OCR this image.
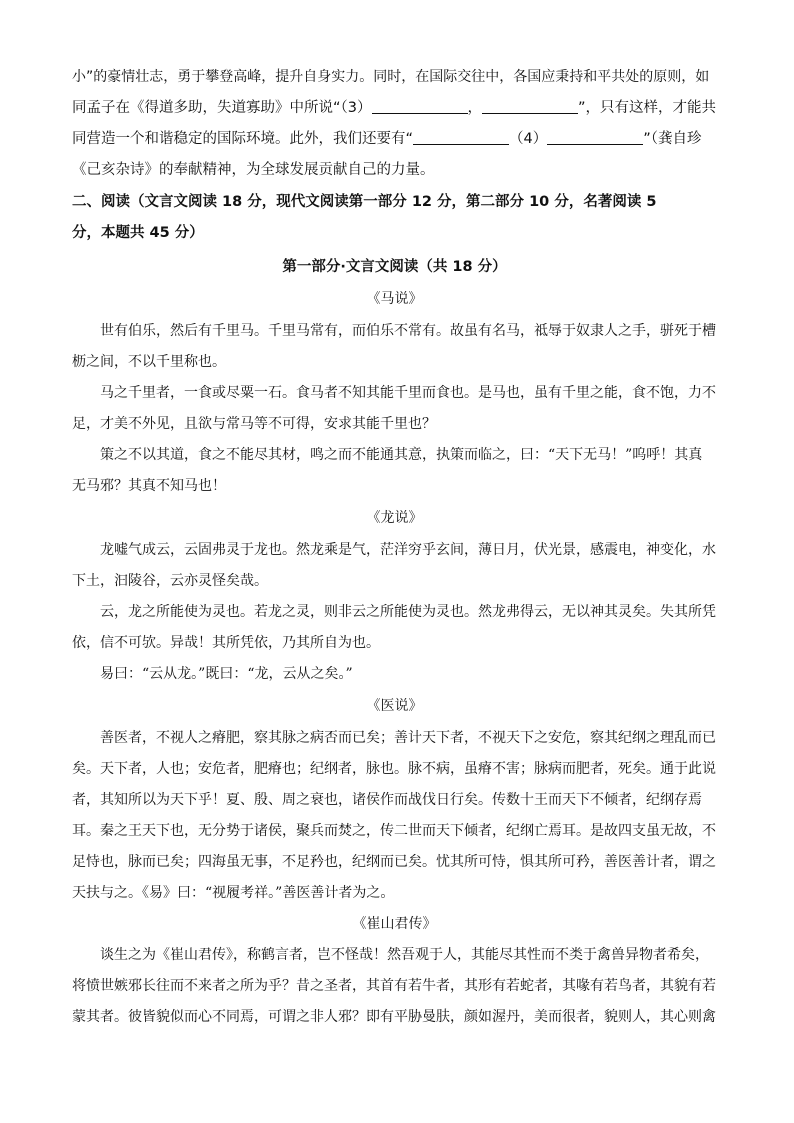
小”的豪情壮志，勇于攀登高峰，提升自身实力。同时，在国际交往中，各国应秉持和平共处的原则，如

同孟子在《得道多助，失道寡助》中所说“（3）	，	”，只有这样，才能共

同营造一个和谐稳定的国际环境。此外，我们还要有“	（4）	”（龚自珍

《己亥杂诗》的奉献精神，为全球发展贡献自己的力量。

二、阅读（文言文阅读 18 分，现代文阅读第一部分 12 分，第二部分 10 分，名著阅读 5

分，本题共 45 分）

第一部分·文言文阅读（共 18 分）

《马说》

世有伯乐，然后有千里马。千里马常有，而伯乐不常有。故虽有名马，祗辱于奴隶人之手，骈死于槽

枥之间，不以千里称也。

马之千里者，一食或尽粟一石。食马者不知其能千里而食也。是马也，虽有千里之能，食不饱，力不

足，才美不外见，且欲与常马等不可得，安求其能千里也？

策之不以其道，食之不能尽其材，鸣之而不能通其意，执策而临之，曰：“天下无马！”呜呼！其真

无马邪？其真不知马也！

《龙说》

龙嘘气成云，云固弗灵于龙也。然龙乘是气，茫洋穷乎玄间，薄日月，伏光景，感震电，神变化，水

下土，汩陵谷，云亦灵怪矣哉。

云，龙之所能使为灵也。若龙之灵，则非云之所能使为灵也。然龙弗得云，无以神其灵矣。失其所凭

依，信不可欤。异哉！其所凭依，乃其所自为也。

易曰：“云从龙。”既曰：“龙，云从之矣。”

《医说》

善医者，不视人之瘠肥，察其脉之病否而已矣；善计天下者，不视天下之安危，察其纪纲之理乱而已

矣。天下者，人也；安危者，肥瘠也；纪纲者，脉也。脉不病，虽瘠不害；脉病而肥者，死矣。通于此说

者，其知所以为天下乎！夏、殷、周之衰也，诸侯作而战伐日行矣。传数十王而天下不倾者，纪纲存焉

耳。秦之王天下也，无分势于诸侯，聚兵而焚之，传二世而天下倾者，纪纲亡焉耳。是故四支虽无故，不

足恃也，脉而已矣；四海虽无事，不足矜也，纪纲而已矣。忧其所可恃，惧其所可矜，善医善计者，谓之

天扶与之。《易》曰：“视履考祥。”善医善计者为之。

《崔山君传》

谈生之为《崔山君传》，称鹤言者，岂不怪哉！然吾观于人，其能尽其性而不类于禽兽异物者希矣，

将愤世嫉邪长往而不来者之所为乎？昔之圣者，其首有若牛者，其形有若蛇者，其喙有若鸟者，其貌有若

蒙其者。彼皆貌似而心不同焉，可谓之非人邪？即有平胁曼肤，颜如渥丹，美而很者，貌则人，其心则禽
